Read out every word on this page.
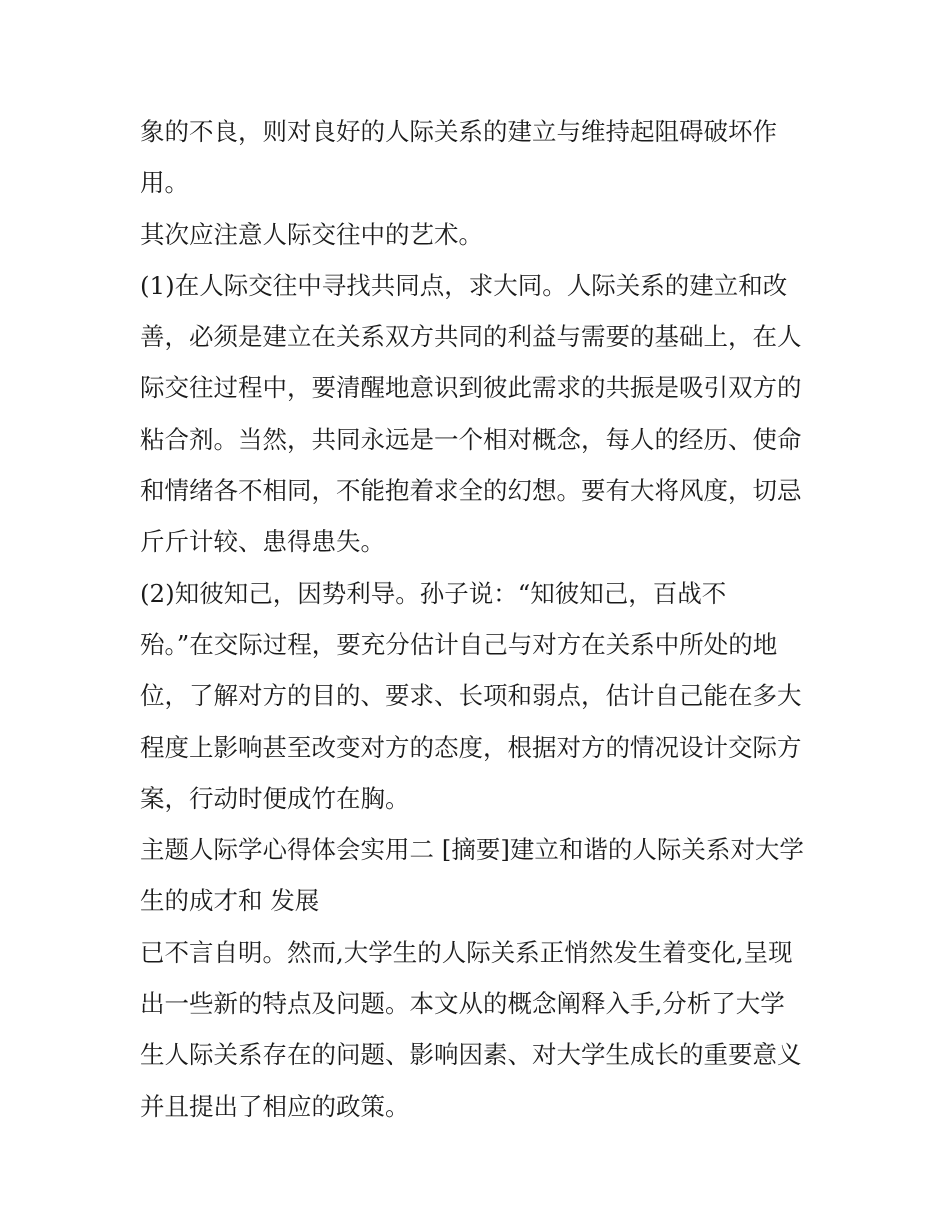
象的不良，则对良好的人际关系的建立与维持起阻碍破坏作
用。
其次应注意人际交往中的艺术。
(1)在人际交往中寻找共同点，求大同。人际关系的建立和改
善，必须是建立在关系双方共同的利益与需要的基础上，在人
际交往过程中，要清醒地意识到彼此需求的共振是吸引双方的
粘合剂。当然，共同永远是一个相对概念，每人的经历、使命
和情绪各不相同，不能抱着求全的幻想。要有大将风度，切忌
斤斤计较、患得患失。
(2)知彼知己，因势利导。孙子说：“知彼知己，百战不
殆。”在交际过程，要充分估计自己与对方在关系中所处的地
位，了解对方的目的、要求、长项和弱点，估计自己能在多大
程度上影响甚至改变对方的态度，根据对方的情况设计交际方
案，行动时便成竹在胸。
主题人际学心得体会实用二 [摘要]建立和谐的人际关系对大学
生的成才和 发展
已不言自明。然而,大学生的人际关系正悄然发生着变化,呈现
出一些新的特点及问题。本文从的概念阐释入手,分析了大学
生人际关系存在的问题、影响因素、对大学生成长的重要意义
并且提出了相应的政策。
